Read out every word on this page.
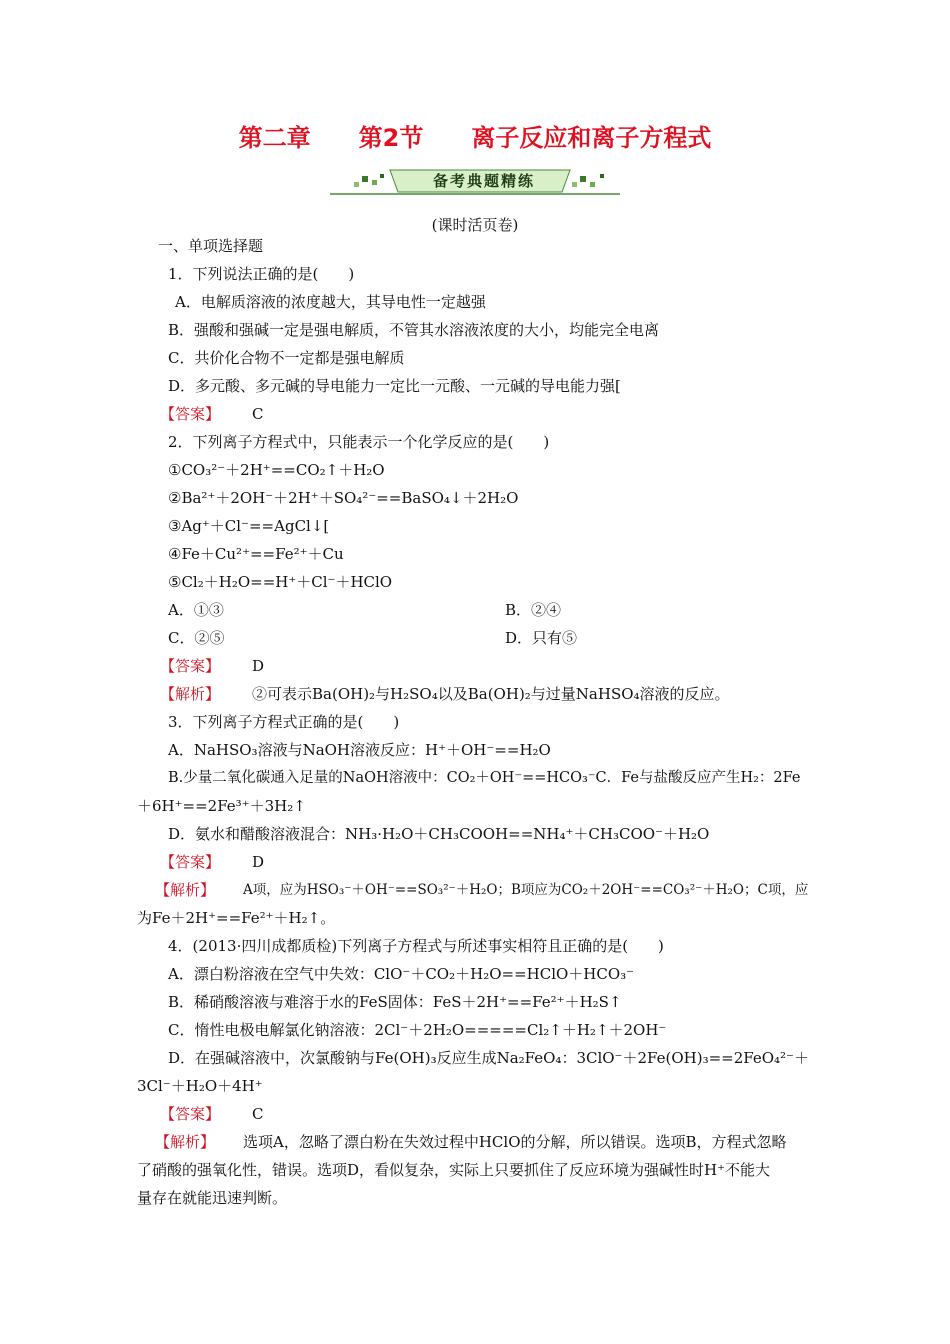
第二章　　第2节　　离子反应和离子方程式
备考典题精练
(课时活页卷)
一、单项选择题
1．下列说法正确的是(　　)
A．电解质溶液的浓度越大，其导电性一定越强
B．强酸和强碱一定是强电解质，不管其水溶液浓度的大小，均能完全电离
C．共价化合物不一定都是强电解质
D．多元酸、多元碱的导电能力一定比一元酸、一元碱的导电能力强[
【答案】 C
2．下列离子方程式中，只能表示一个化学反应的是(　　)
①CO₃²⁻＋2H⁺==CO₂↑＋H₂O
②Ba²⁺＋2OH⁻＋2H⁺＋SO₄²⁻==BaSO₄↓＋2H₂O
③Ag⁺＋Cl⁻==AgCl↓[
④Fe＋Cu²⁺==Fe²⁺＋Cu
⑤Cl₂＋H₂O==H⁺＋Cl⁻＋HClO
A．①③	B．②④
C．②⑤	D．只有⑤
【答案】 D
【解析】 ②可表示Ba(OH)₂与H₂SO₄以及Ba(OH)₂与过量NaHSO₄溶液的反应。
3．下列离子方程式正确的是(　　)
A．NaHSO₃溶液与NaOH溶液反应：H⁺＋OH⁻==H₂O
B.少量二氧化碳通入足量的NaOH溶液中：CO₂＋OH⁻==HCO₃⁻C．Fe与盐酸反应产生H₂：2Fe
＋6H⁺==2Fe³⁺＋3H₂↑
D．氨水和醋酸溶液混合：NH₃·H₂O＋CH₃COOH==NH₄⁺＋CH₃COO⁻＋H₂O
【答案】 D
【解析】 A项，应为HSO₃⁻＋OH⁻==SO₃²⁻＋H₂O；B项应为CO₂＋2OH⁻==CO₃²⁻＋H₂O；C项，应
为Fe＋2H⁺==Fe²⁺＋H₂↑。
4．(2013·四川成都质检)下列离子方程式与所述事实相符且正确的是(　　)
A．漂白粉溶液在空气中失效：ClO⁻＋CO₂＋H₂O==HClO＋HCO₃⁻
B．稀硝酸溶液与难溶于水的FeS固体：FeS＋2H⁺==Fe²⁺＋H₂S↑
C．惰性电极电解氯化钠溶液：2Cl⁻＋2H₂O=====Cl₂↑＋H₂↑＋2OH⁻
D．在强碱溶液中，次氯酸钠与Fe(OH)₃反应生成Na₂FeO₄：3ClO⁻＋2Fe(OH)₃==2FeO₄²⁻＋
3Cl⁻＋H₂O＋4H⁺
【答案】 C
【解析】 选项A，忽略了漂白粉在失效过程中HClO的分解，所以错误。选项B，方程式忽略
了硝酸的强氧化性，错误。选项D，看似复杂，实际上只要抓住了反应环境为强碱性时H⁺不能大
量存在就能迅速判断。
